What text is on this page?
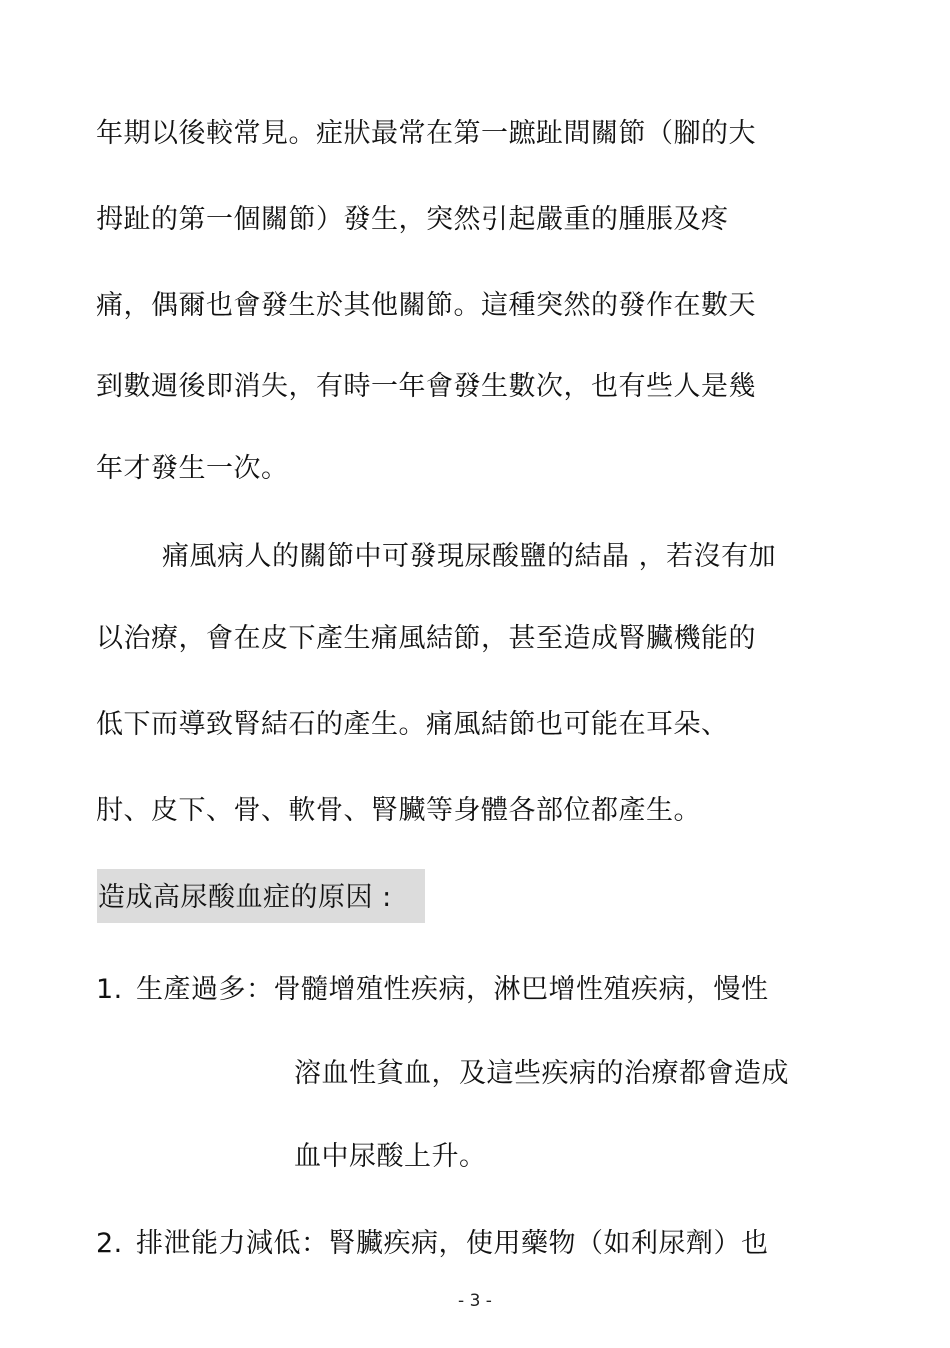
年期以後較常見。症狀最常在第一蹠趾間關節（腳的大
拇趾的第一個關節）發生，突然引起嚴重的腫脹及疼
痛，偶爾也會發生於其他關節。這種突然的發作在數天
到數週後即消失，有時一年會發生數次，也有些人是幾
年才發生一次。
痛風病人的關節中可發現尿酸鹽的結晶 ，若沒有加
以治療，會在皮下產生痛風結節，甚至造成腎臟機能的
低下而導致腎結石的產生。痛風結節也可能在耳朵、
肘、皮下、骨、軟骨、腎臟等身體各部位都產生。
造成高尿酸血症的原因 :
1. 生產過多：骨髓增殖性疾病，淋巴增性殖疾病，慢性
溶血性貧血，及這些疾病的治療都會造成
血中尿酸上升。
2. 排泄能力減低：腎臟疾病，使用藥物（如利尿劑）也
- 3 -
